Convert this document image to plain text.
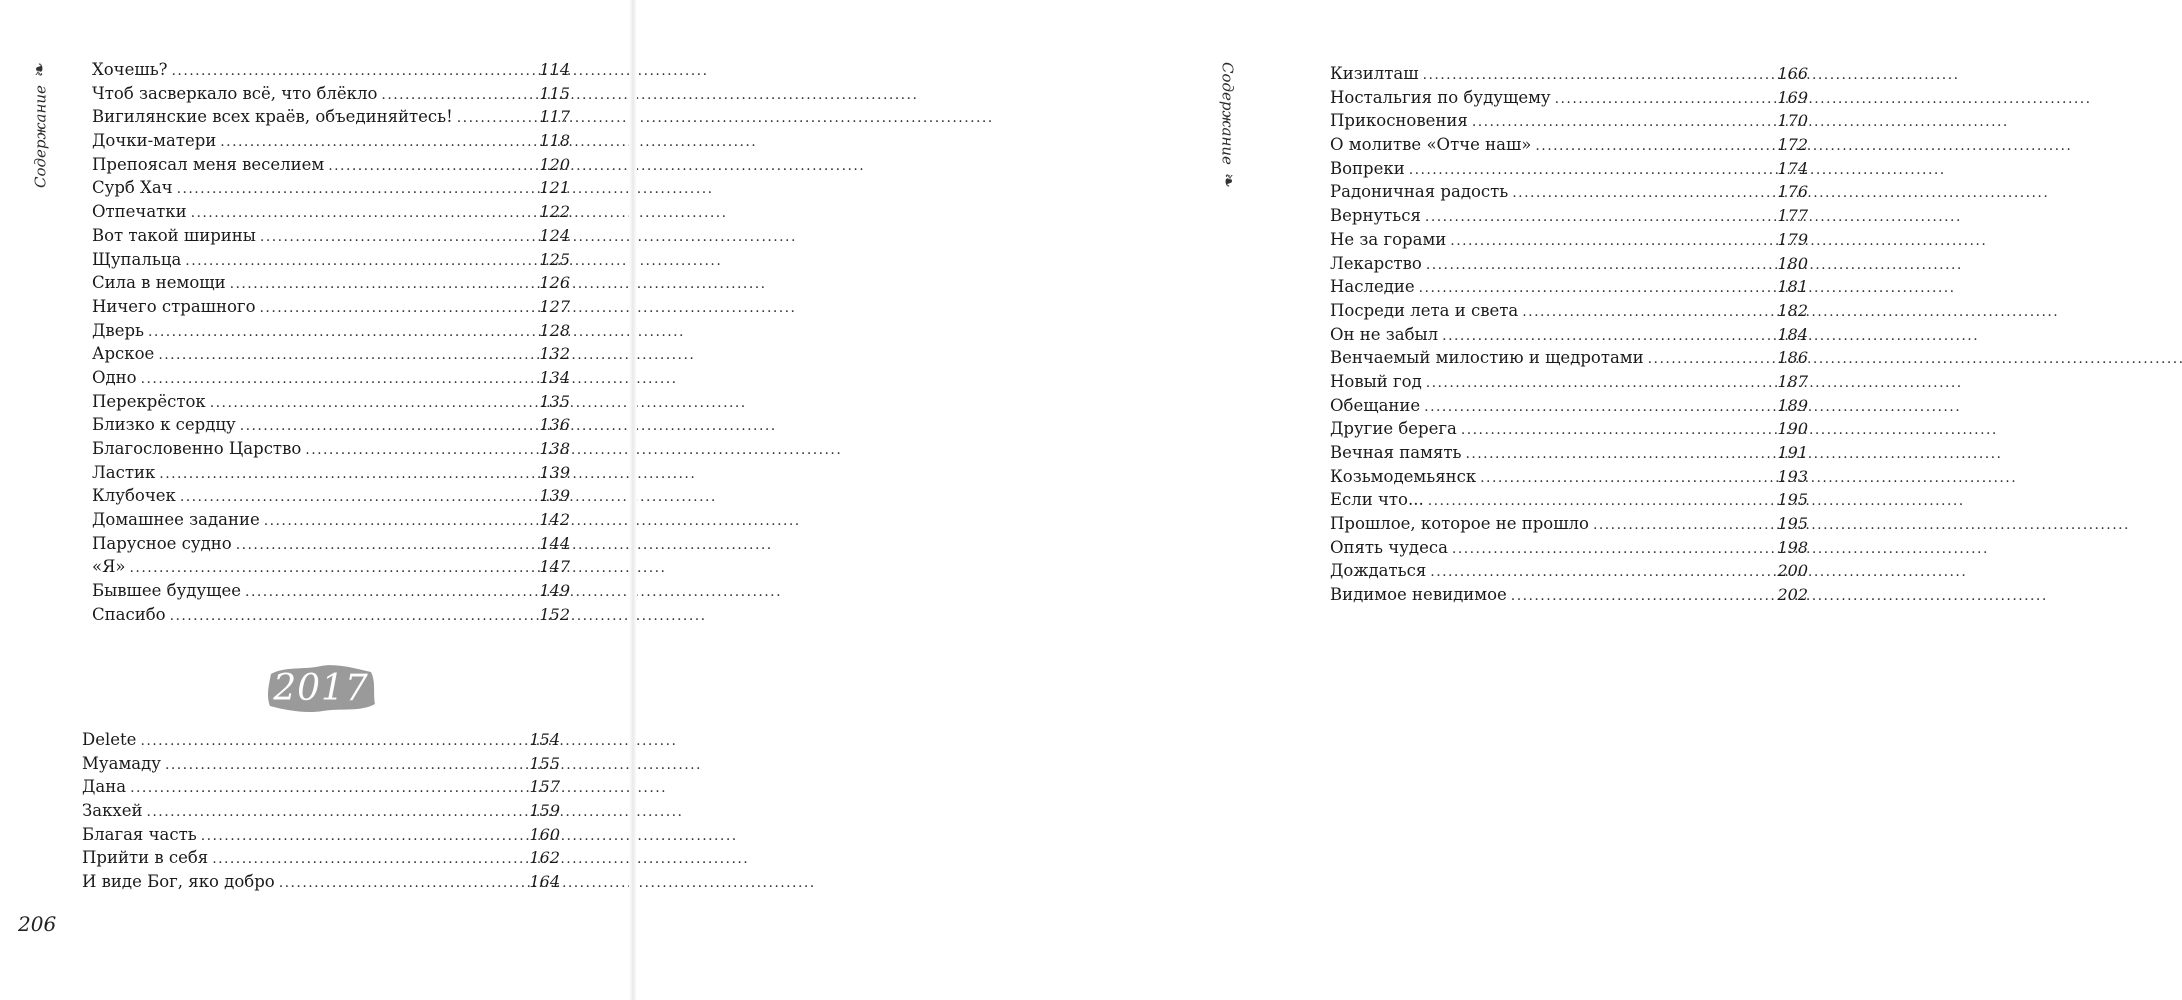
Содержание
❧	Хочешь? . . .	114
Чтоб засверкало всё, что блёкло . . .	115
Вигилянские всех краёв, объединяйтесь! . . .	117
Дочки-матери . . .	118
Препоясал меня веселием . . .	120
Сурб Хач . . .	121
Отпечатки . . .	122
Вот такой ширины . . .	124
Щупальца . . .	125
Сила в немощи . . .	126
Ничего страшного . . .	127
Дверь . . .	128
Арское . . .	132
Одно . . .	134
Перекрёсток . . .	135
Близко к сердцу . . .	136
Благословенно Царство . . .	138
Ластик . . .	139
Клубочек . . .	139
Домашнее задание . . .	142
Парусное судно . . .	144
«Я» . . .	147
Бывшее будущее . . .	149
Спасибо . . .	152
2017
Delete . . .	154
Муамаду . . .	155
Дана . . .	157
Закхей . . .	159
Благая часть . . .	160
Прийти в себя . . .	162
И виде Бог, яко добро . . .	164
206
Кизилташ . . .	166
Ностальгия по будущему . . .	169
Прикосновения . . .	170
О молитве «Отче наш» . . .	172
Вопреки . . .	174
Радоничная радость . . .	176
Вернуться . . .	177
Не за горами . . .	179
Лекарство . . .	180
Наследие . . .	181
Посреди лета и света . . .	182
Он не забыл . . .	184
Венчаемый милостию и щедротами . . .	186
Новый год . . .	187
Обещание . . .	189
Другие берега . . .	190
Вечная память . . .	191
Козьмодемьянск . . .	193
Если что... . . .	195
Прошлое, которое не прошло . . .	195
Опять чудеса . . .	198
Дождаться . . .	200
Видимое невидимое . . .	202
Содержание
❧
